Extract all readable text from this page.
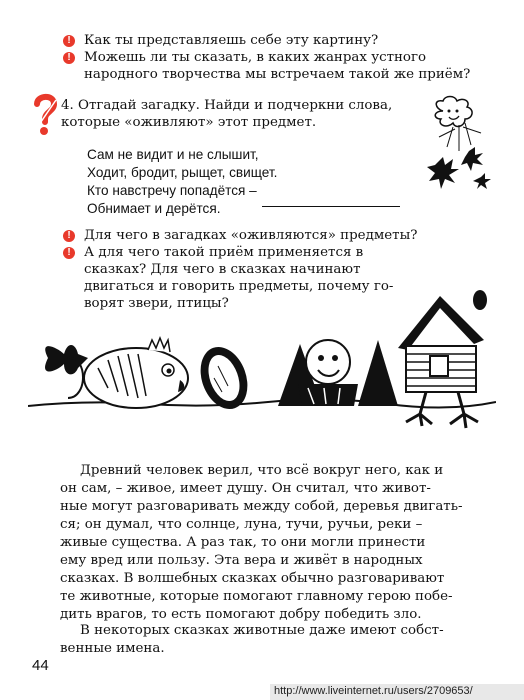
! Как ты представляешь себе эту картину?
! Можешь ли ты сказать, в каких жанрах устного
народного творчества мы встречаем такой же приём?
4. Отгадай загадку. Найди и подчеркни слова,
которые «оживляют» этот предмет.
Сам не видит и не слышит,
Ходит, бродит, рыщет, свищет.
Кто навстречу попадётся –
Обнимает и дерётся.
! Для чего в загадках «оживляются» предметы?
! А для чего такой приём применяется в
сказках? Для чего в сказках начинают
двигаться и говорить предметы, почему го-
ворят звери, птицы?
Древний человек верил, что всё вокруг него, как и
он сам, – живое, имеет душу. Он считал, что живот-
ные могут разговаривать между собой, деревья двигать-
ся; он думал, что солнце, луна, тучи, ручьи, реки –
живые существа. А раз так, то они могли принести
ему вред или пользу. Эта вера и живёт в народных
сказках. В волшебных сказках обычно разговаривают
те животные, которые помогают главному герою побе-
дить врагов, то есть помогают добру победить зло.
В некоторых сказках животные даже имеют собст-
венные имена.
44
http://www.liveinternet.ru/users/2709653/
